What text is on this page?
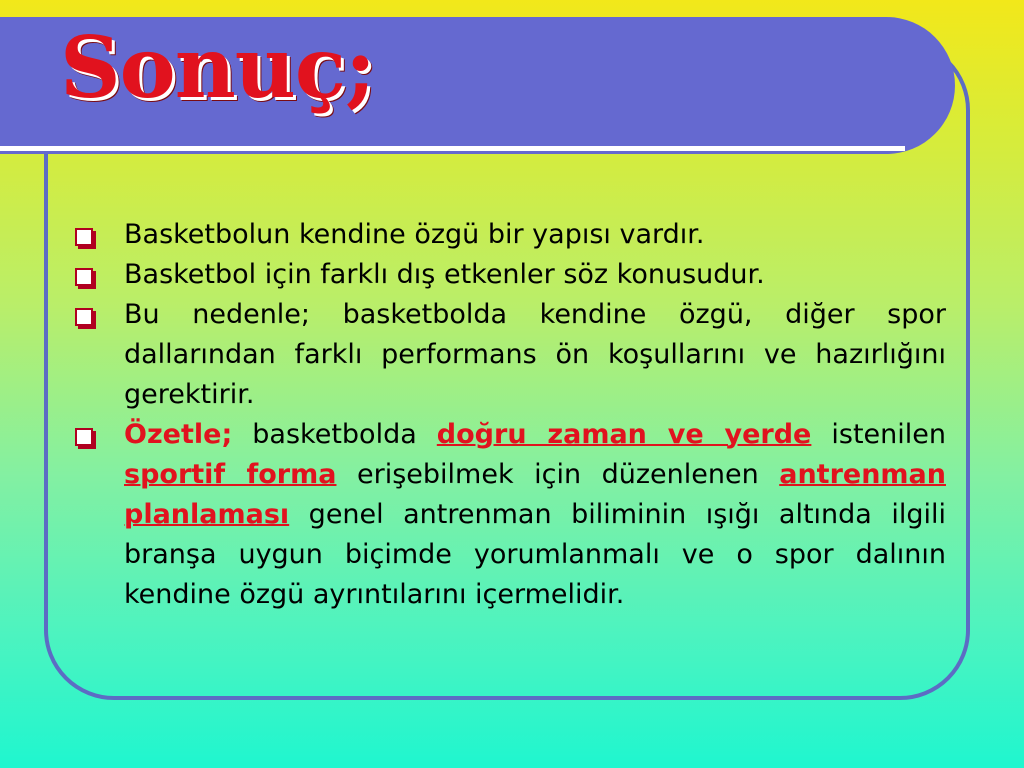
Sonuç;
Basketbolun kendine özgü bir yapısı vardır.
Basketbol için farklı dış etkenler söz konusudur.
Bu nedenle; basketbolda kendine özgü, diğer spor dallarından farklı performans ön koşullarını ve hazırlığını gerektirir.
Özetle; basketbolda doğru zaman ve yerde istenilen sportif forma erişebilmek için düzenlenen antrenman planlaması genel antrenman biliminin ışığı altında ilgili branşa uygun biçimde yorumlanmalı ve o spor dalının kendine özgü ayrıntılarını içermelidir.
